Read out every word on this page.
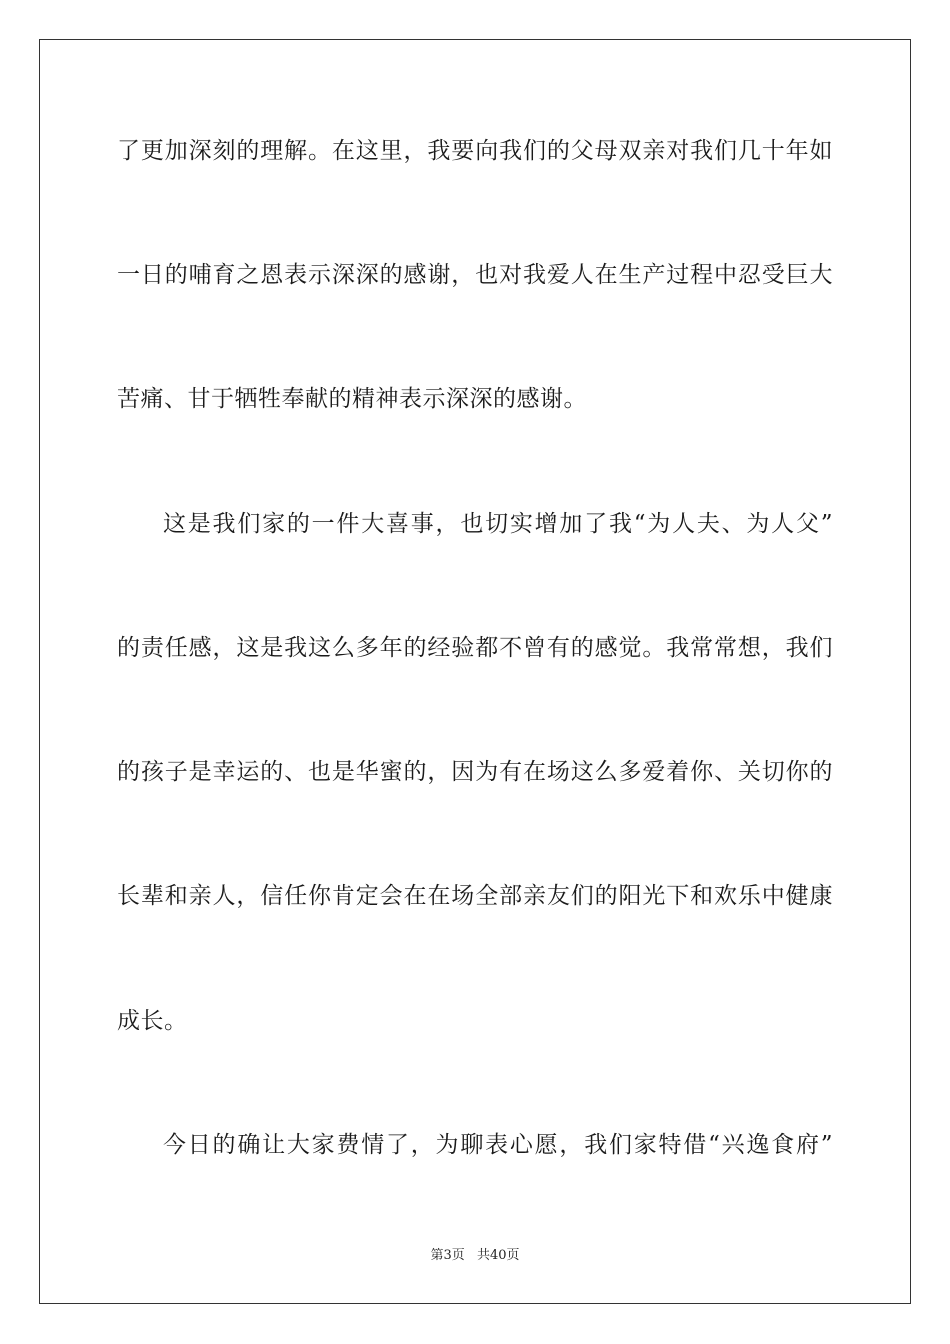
了更加深刻的理解。在这里，我要向我们的父母双亲对我们几十年如
一日的哺育之恩表示深深的感谢，也对我爱人在生产过程中忍受巨大
苦痛、甘于牺牲奉献的精神表示深深的感谢。
这是我们家的一件大喜事，也切实增加了我“为人夫、为人父”
的责任感，这是我这么多年的经验都不曾有的感觉。我常常想，我们
的孩子是幸运的、也是华蜜的，因为有在场这么多爱着你、关切你的
长辈和亲人，信任你肯定会在在场全部亲友们的阳光下和欢乐中健康
成长。
今日的确让大家费情了，为聊表心愿，我们家特借“兴逸食府”
第3页 共40页
